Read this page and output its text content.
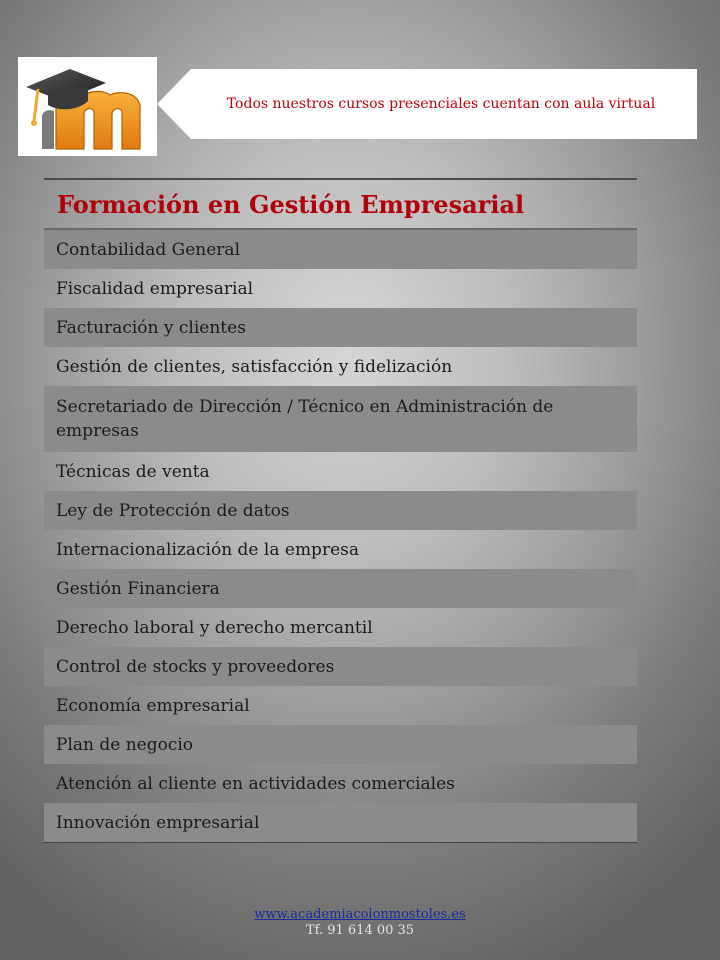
Todos nuestros cursos presenciales cuentan con aula virtual
Formación en Gestión Empresarial
Contabilidad General
Fiscalidad empresarial
Facturación y clientes
Gestión de clientes, satisfacción y fidelización
Secretariado de Dirección / Técnico en Administración de empresas
Técnicas de venta
Ley de Protección de datos
Internacionalización de la empresa
Gestión Financiera
Derecho laboral y derecho mercantil
Control de stocks y proveedores
Economía empresarial
Plan de negocio
Atención al cliente en actividades comerciales
Innovación empresarial
www.academiacolonmostoles.es
Tf. 91 614 00 35
